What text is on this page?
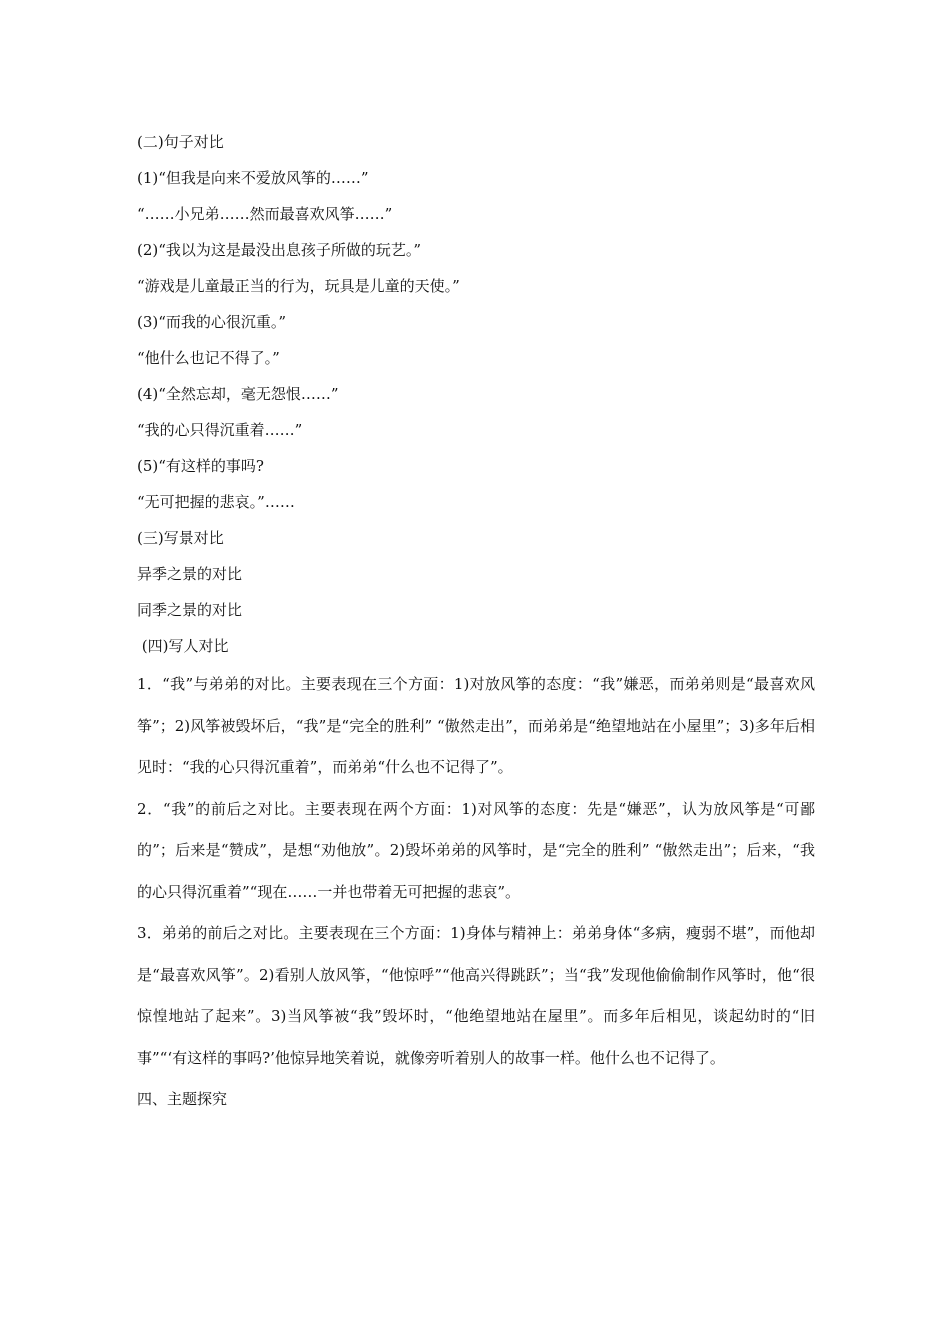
(二)句子对比
(1)“但我是向来不爱放风筝的……”
“……小兄弟……然而最喜欢风筝……”
(2)“我以为这是最没出息孩子所做的玩艺。”
“游戏是儿童最正当的行为，玩具是儿童的天使。”
(3)“而我的心很沉重。”
“他什么也记不得了。”
(4)“全然忘却，毫无怨恨……”
“我的心只得沉重着……”
(5)“有这样的事吗?
“无可把握的悲哀。”……
(三)写景对比
异季之景的对比
同季之景的对比
(四)写人对比

1．“我”与弟弟的对比。主要表现在三个方面：1)对放风筝的态度：“我”嫌恶，而弟弟则是“最喜欢风筝”；2)风筝被毁坏后，“我”是“完全的胜利” “傲然走出”，而弟弟是“绝望地站在小屋里”；3)多年后相见时：“我的心只得沉重着”，而弟弟“什么也不记得了”。

2．“我”的前后之对比。主要表现在两个方面：1)对风筝的态度：先是“嫌恶”，认为放风筝是“可鄙的”；后来是“赞成”，是想“劝他放”。2)毁坏弟弟的风筝时，是“完全的胜利” “傲然走出”；后来，“我的心只得沉重着”“现在……一并也带着无可把握的悲哀”。

3．弟弟的前后之对比。主要表现在三个方面：1)身体与精神上：弟弟身体“多病，瘦弱不堪”，而他却是“最喜欢风筝”。2)看别人放风筝，“他惊呼”“他高兴得跳跃”；当“我”发现他偷偷制作风筝时，他“很惊惶地站了起来”。3)当风筝被“我”毁坏时，“他绝望地站在屋里”。而多年后相见，谈起幼时的“旧事”“‘有这样的事吗?’他惊异地笑着说，就像旁听着别人的故事一样。他什么也不记得了。

四、主题探究
